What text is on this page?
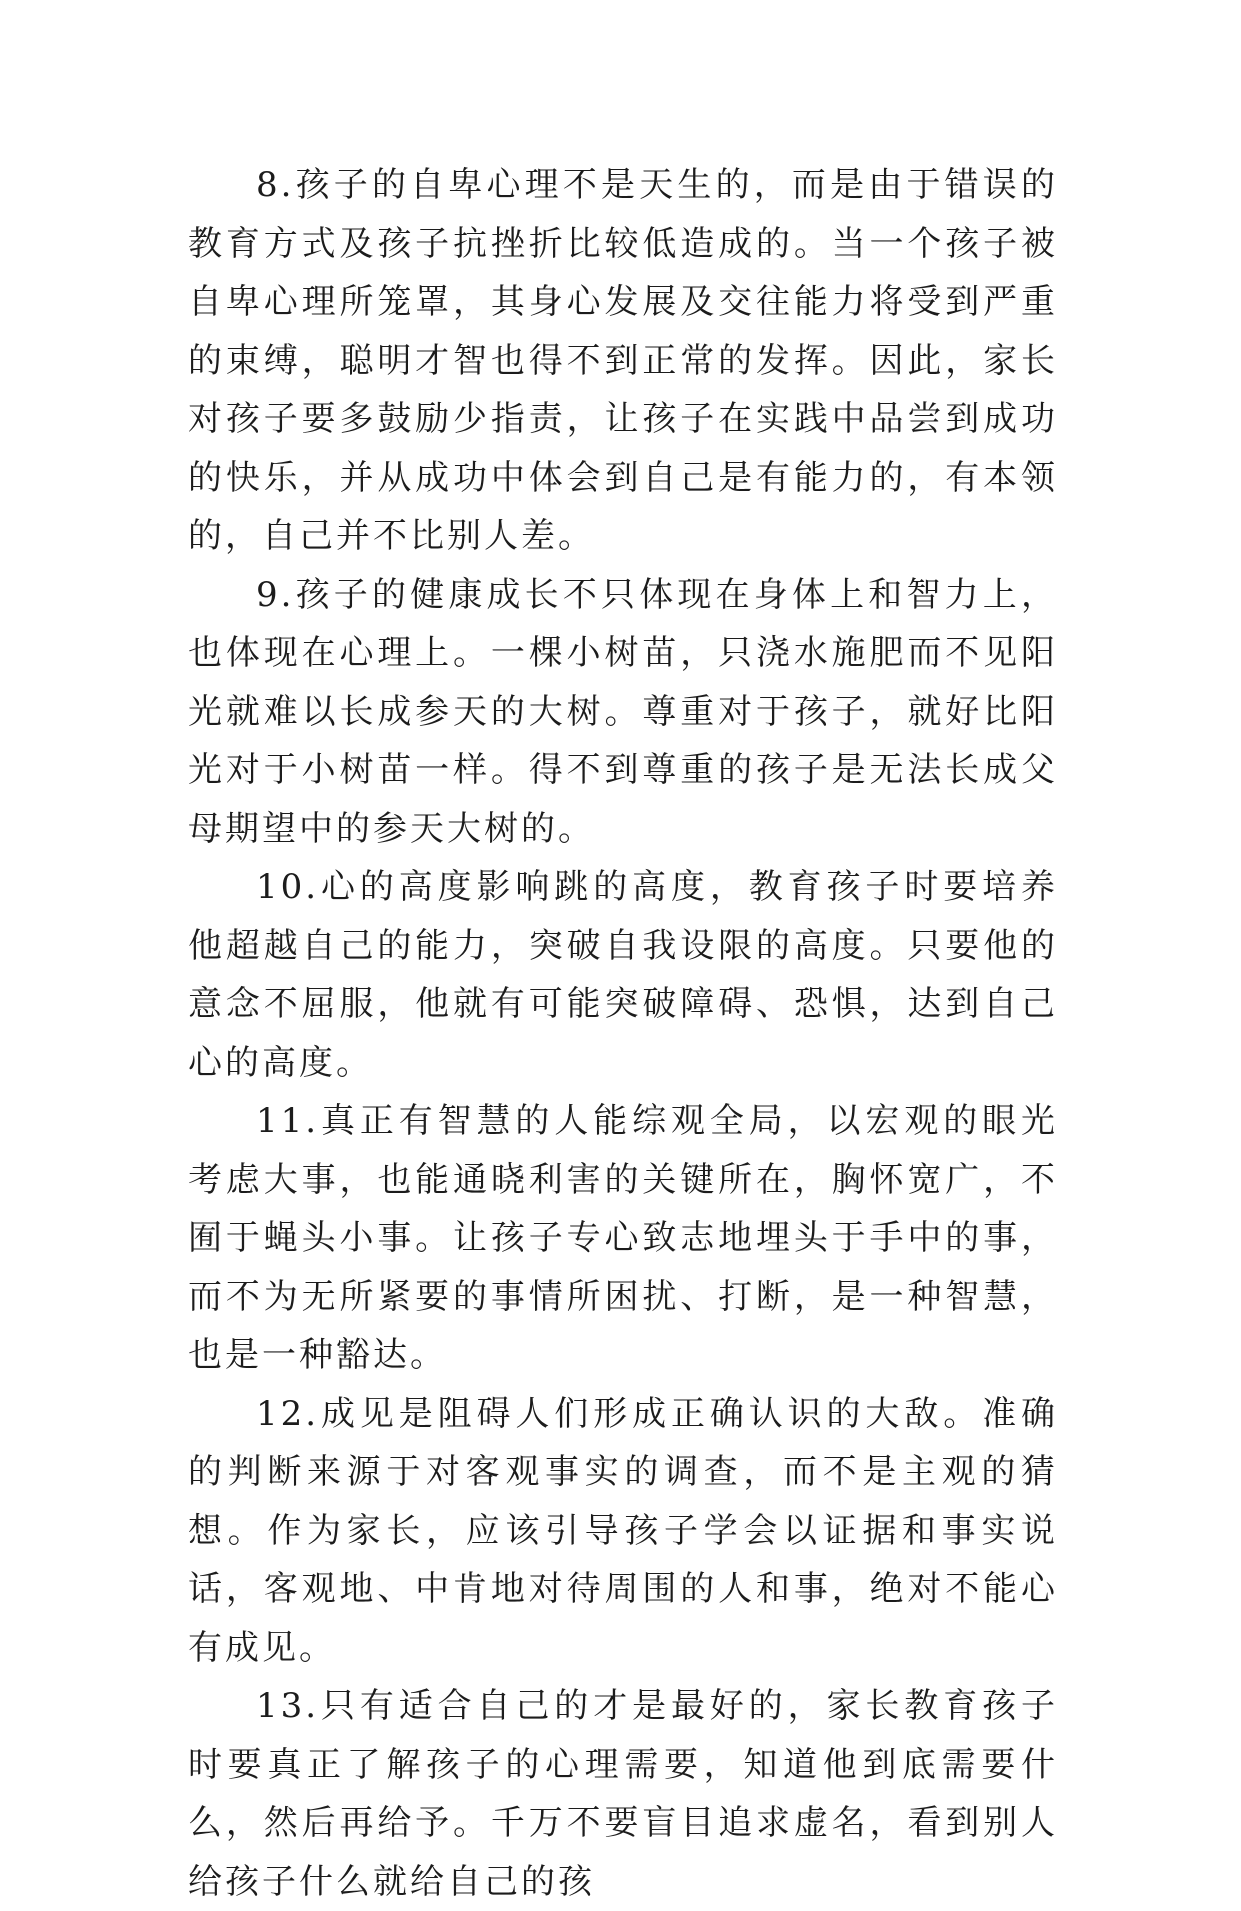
8.孩子的自卑心理不是天生的，而是由于错误的教育方式及孩子抗挫折比较低造成的。当一个孩子被自卑心理所笼罩，其身心发展及交往能力将受到严重的束缚，聪明才智也得不到正常的发挥。因此，家长对孩子要多鼓励少指责，让孩子在实践中品尝到成功的快乐，并从成功中体会到自己是有能力的，有本领的，自己并不比别人差。

9.孩子的健康成长不只体现在身体上和智力上，也体现在心理上。一棵小树苗，只浇水施肥而不见阳光就难以长成参天的大树。尊重对于孩子，就好比阳光对于小树苗一样。得不到尊重的孩子是无法长成父母期望中的参天大树的。

10.心的高度影响跳的高度，教育孩子时要培养他超越自己的能力，突破自我设限的高度。只要他的意念不屈服，他就有可能突破障碍、恐惧，达到自己心的高度。

11.真正有智慧的人能综观全局，以宏观的眼光考虑大事，也能通晓利害的关键所在，胸怀宽广，不囿于蝇头小事。让孩子专心致志地埋头于手中的事，而不为无所紧要的事情所困扰、打断，是一种智慧，也是一种豁达。

12.成见是阻碍人们形成正确认识的大敌。准确的判断来源于对客观事实的调查，而不是主观的猜想。作为家长，应该引导孩子学会以证据和事实说话，客观地、中肯地对待周围的人和事，绝对不能心有成见。

13.只有适合自己的才是最好的，家长教育孩子时要真正了解孩子的心理需要，知道他到底需要什么，然后再给予。千万不要盲目追求虚名，看到别人给孩子什么就给自己的孩
